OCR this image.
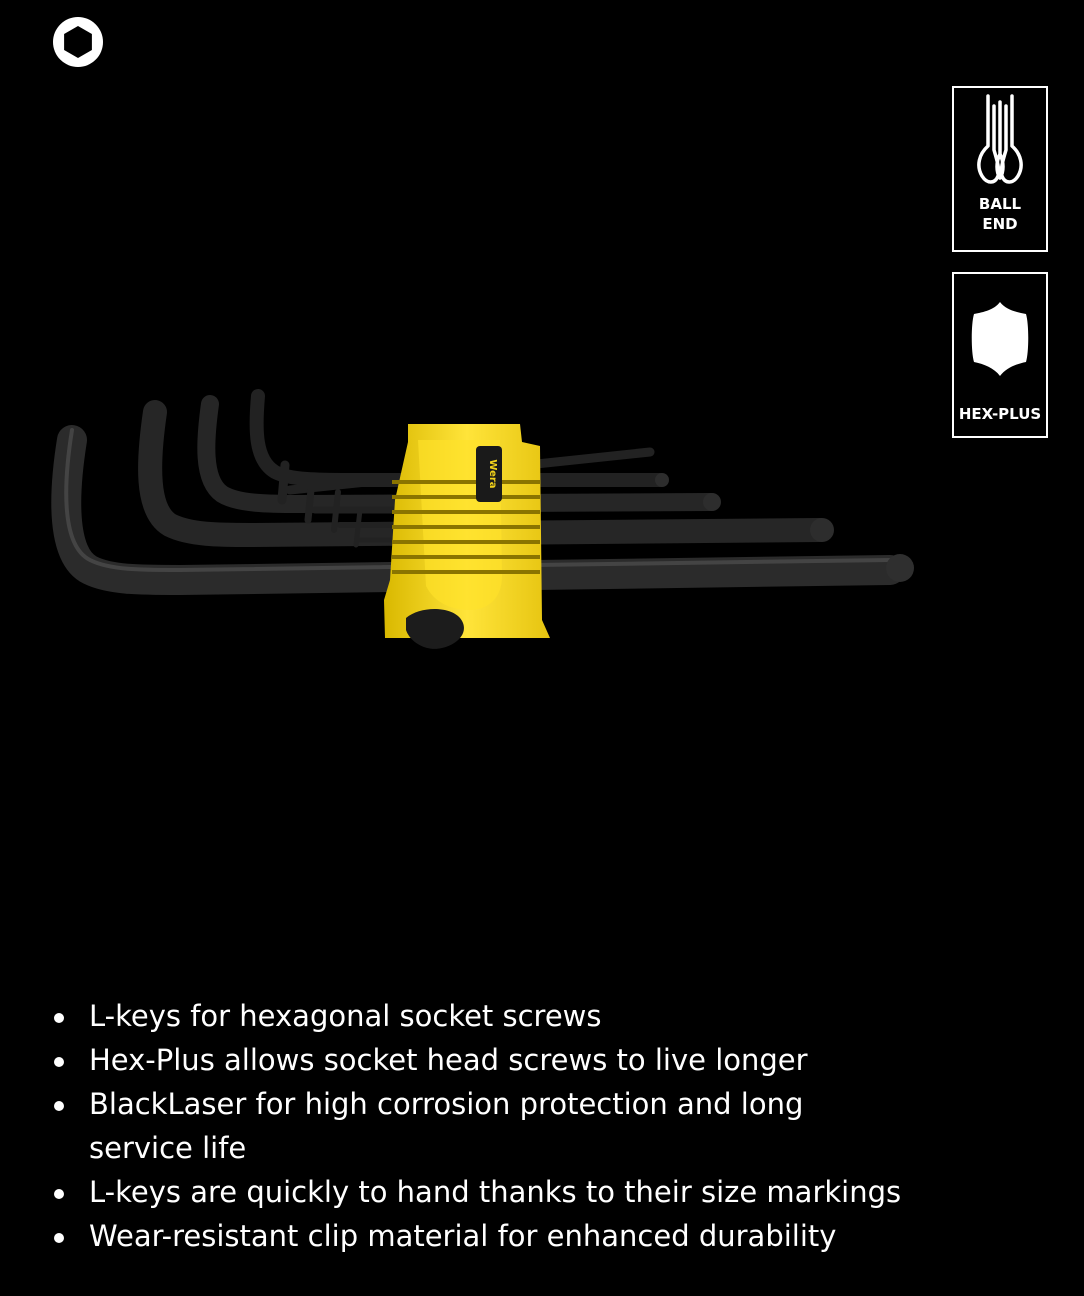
BALL
END
HEX-PLUS
Wera
L-keys for hexagonal socket screws
Hex-Plus allows socket head screws to live longer
BlackLaser for high corrosion protection and long service life
L-keys are quickly to hand thanks to their size markings
Wear-resistant clip material for enhanced durability
